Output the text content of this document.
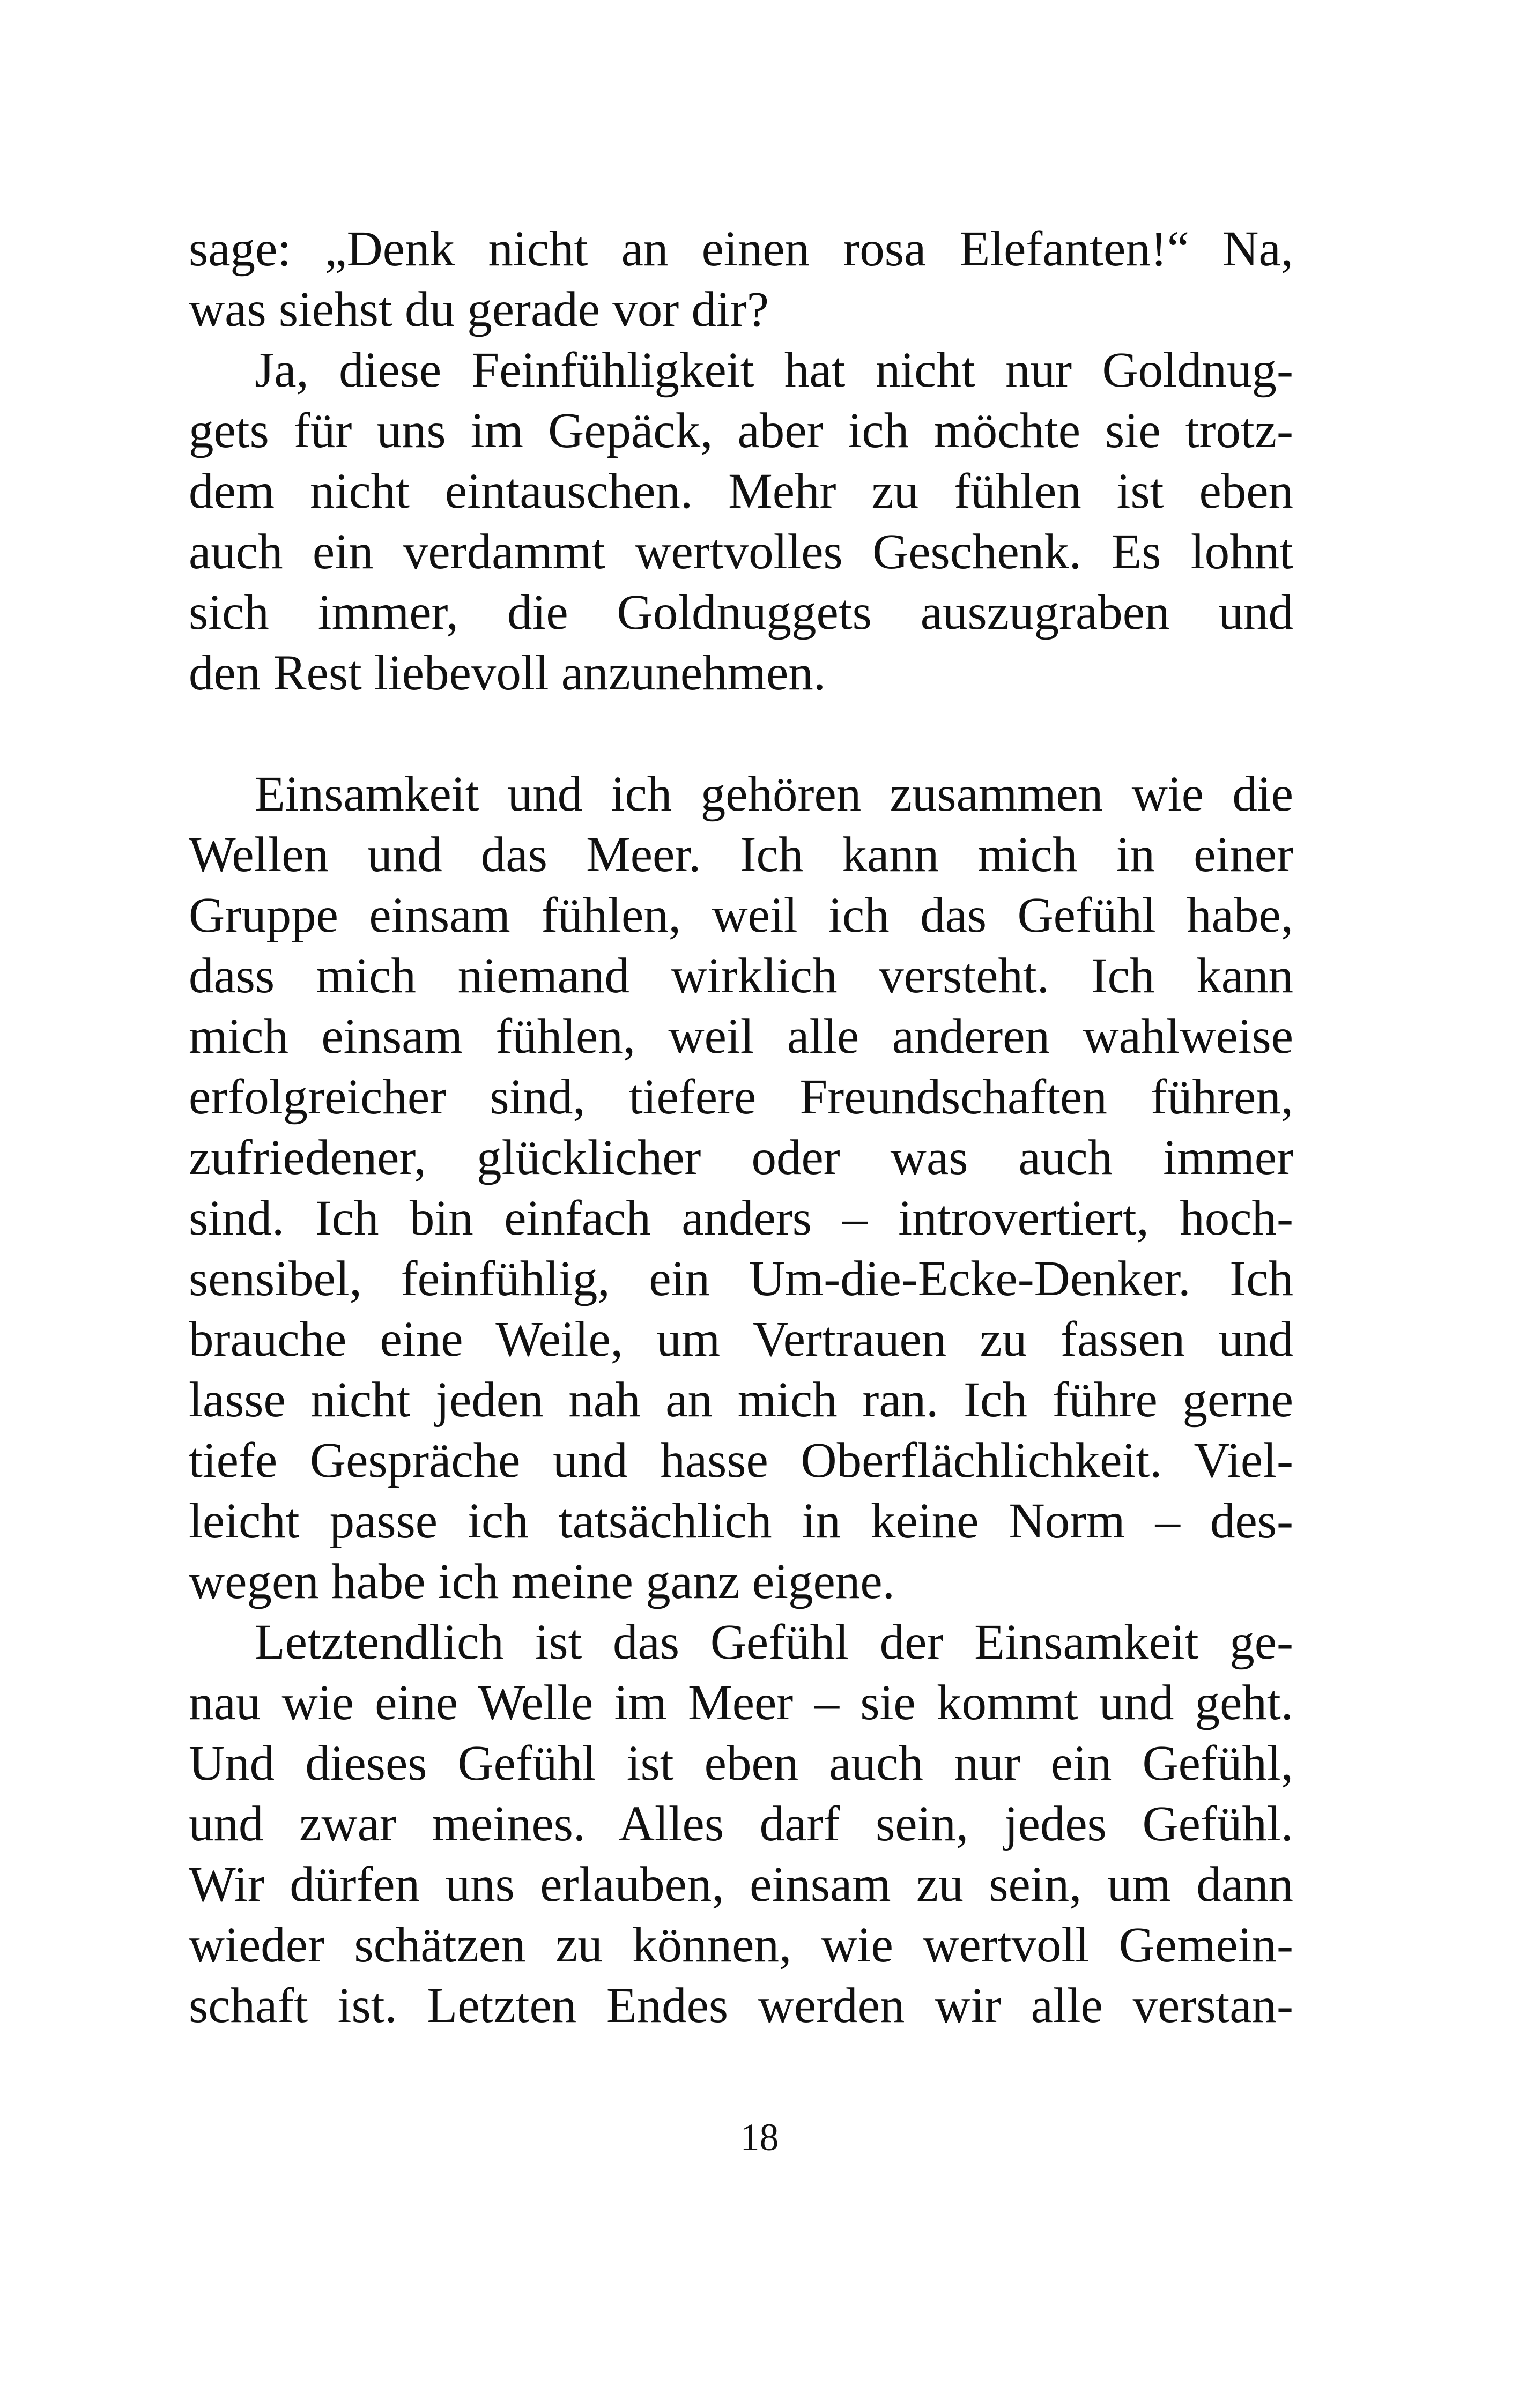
sage: „Denk nicht an einen rosa Elefanten!“ Na,
was siehst du gerade vor dir?
Ja, diese Feinfühligkeit hat nicht nur Goldnug-
gets für uns im Gepäck, aber ich möchte sie trotz-
dem nicht eintauschen. Mehr zu fühlen ist eben
auch ein verdammt wertvolles Geschenk. Es lohnt
sich immer, die Goldnuggets auszugraben und
den Rest liebevoll anzunehmen.
Einsamkeit und ich gehören zusammen wie die
Wellen und das Meer. Ich kann mich in einer
Gruppe einsam fühlen, weil ich das Gefühl habe,
dass mich niemand wirklich versteht. Ich kann
mich einsam fühlen, weil alle anderen wahlweise
erfolgreicher sind, tiefere Freundschaften führen,
zufriedener, glücklicher oder was auch immer
sind. Ich bin einfach anders – introvertiert, hoch-
sensibel, feinfühlig, ein Um-die-Ecke-Denker. Ich
brauche eine Weile, um Vertrauen zu fassen und
lasse nicht jeden nah an mich ran. Ich führe gerne
tiefe Gespräche und hasse Oberflächlichkeit. Viel-
leicht passe ich tatsächlich in keine Norm – des-
wegen habe ich meine ganz eigene.
Letztendlich ist das Gefühl der Einsamkeit ge-
nau wie eine Welle im Meer – sie kommt und geht.
Und dieses Gefühl ist eben auch nur ein Gefühl,
und zwar meines. Alles darf sein, jedes Gefühl.
Wir dürfen uns erlauben, einsam zu sein, um dann
wieder schätzen zu können, wie wertvoll Gemein-
schaft ist. Letzten Endes werden wir alle verstan-
18
